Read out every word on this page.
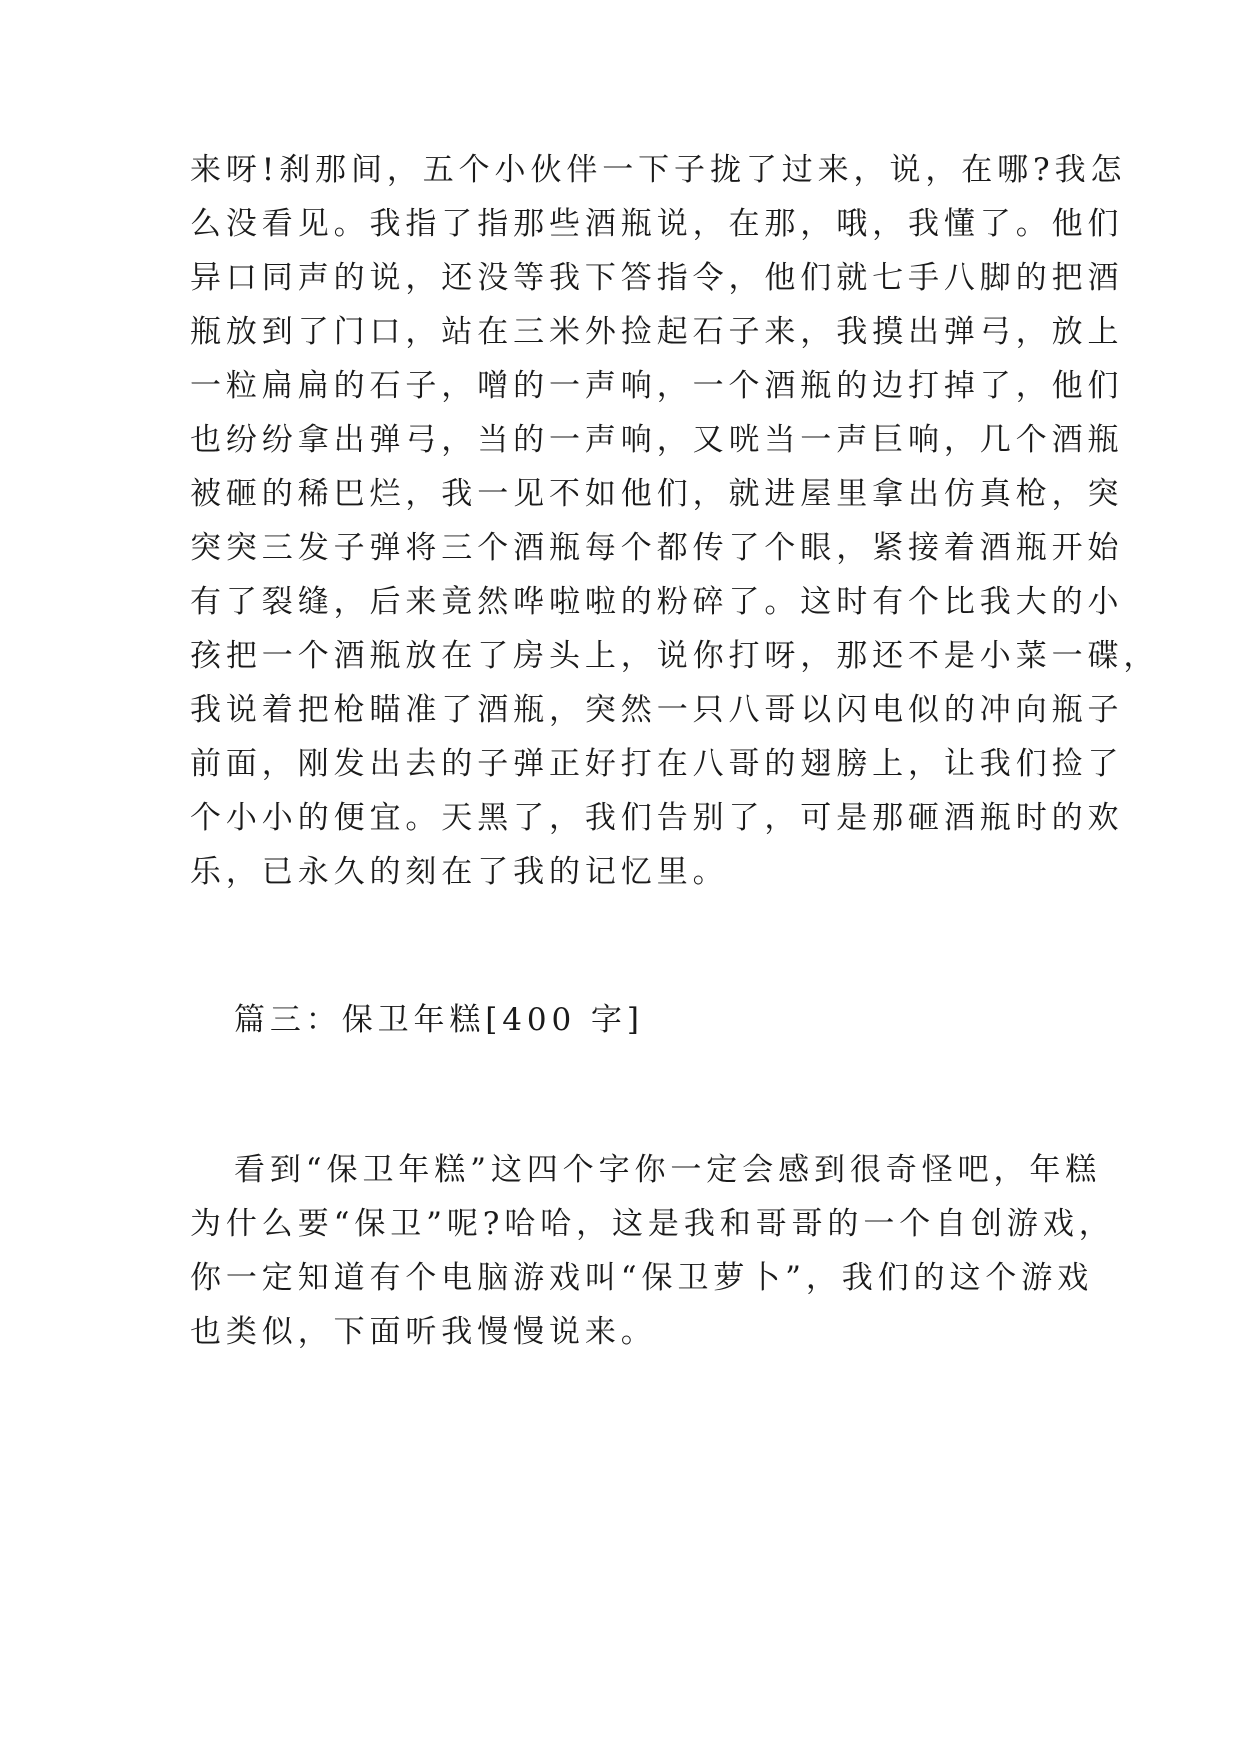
来呀!刹那间，五个小伙伴一下子拢了过来，说，在哪?我怎
么没看见。我指了指那些酒瓶说，在那，哦，我懂了。他们
异口同声的说，还没等我下答指令，他们就七手八脚的把酒
瓶放到了门口，站在三米外捡起石子来，我摸出弹弓，放上
一粒扁扁的石子，噌的一声响，一个酒瓶的边打掉了，他们
也纷纷拿出弹弓，当的一声响，又咣当一声巨响，几个酒瓶
被砸的稀巴烂，我一见不如他们，就进屋里拿出仿真枪，突
突突三发子弹将三个酒瓶每个都传了个眼，紧接着酒瓶开始
有了裂缝，后来竟然哗啦啦的粉碎了。这时有个比我大的小
孩把一个酒瓶放在了房头上，说你打呀，那还不是小菜一碟，
我说着把枪瞄准了酒瓶，突然一只八哥以闪电似的冲向瓶子
前面，刚发出去的子弹正好打在八哥的翅膀上，让我们捡了
个小小的便宜。天黑了，我们告别了，可是那砸酒瓶时的欢
乐，已永久的刻在了我的记忆里。
篇三：保卫年糕[400 字]
看到“保卫年糕”这四个字你一定会感到很奇怪吧，年糕
为什么要“保卫”呢?哈哈，这是我和哥哥的一个自创游戏，
你一定知道有个电脑游戏叫“保卫萝卜”，我们的这个游戏
也类似，下面听我慢慢说来。
